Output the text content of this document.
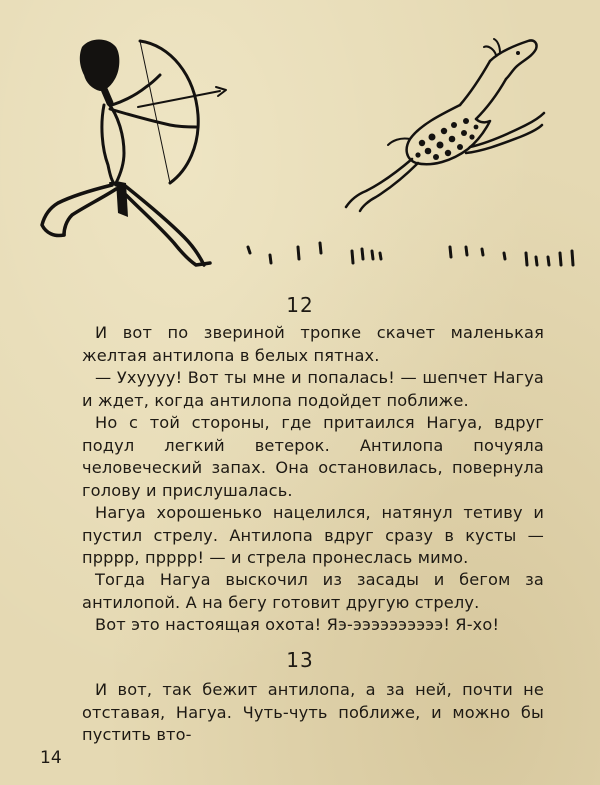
12

И вот по звериной тропке скачет маленькая желтая антилопа в белых пятнах.

— Ухуууу! Вот ты мне и попалась! — шепчет Нагуа и ждет, когда антилопа подойдет поближе.

Но с той стороны, где притаился Нагуа, вдруг подул легкий ветерок. Антилопа почуяла человеческий запах. Она остановилась, повернула голову и прислушалась.

Нагуа хорошенько нацелился, натянул тетиву и пустил стрелу. Антилопа вдруг сразу в кусты — прррр, прррр! — и стрела пронеслась мимо.

Тогда Нагуа выскочил из засады и бегом за антилопой. А на бегу готовит другую стрелу.

Вот это настоящая охота! Яэ-ээээээээээ! Я-хо!

13

И вот, так бежит антилопа, а за ней, почти не отставая, Нагуа. Чуть-чуть поближе, и можно бы пустить вто-

14
